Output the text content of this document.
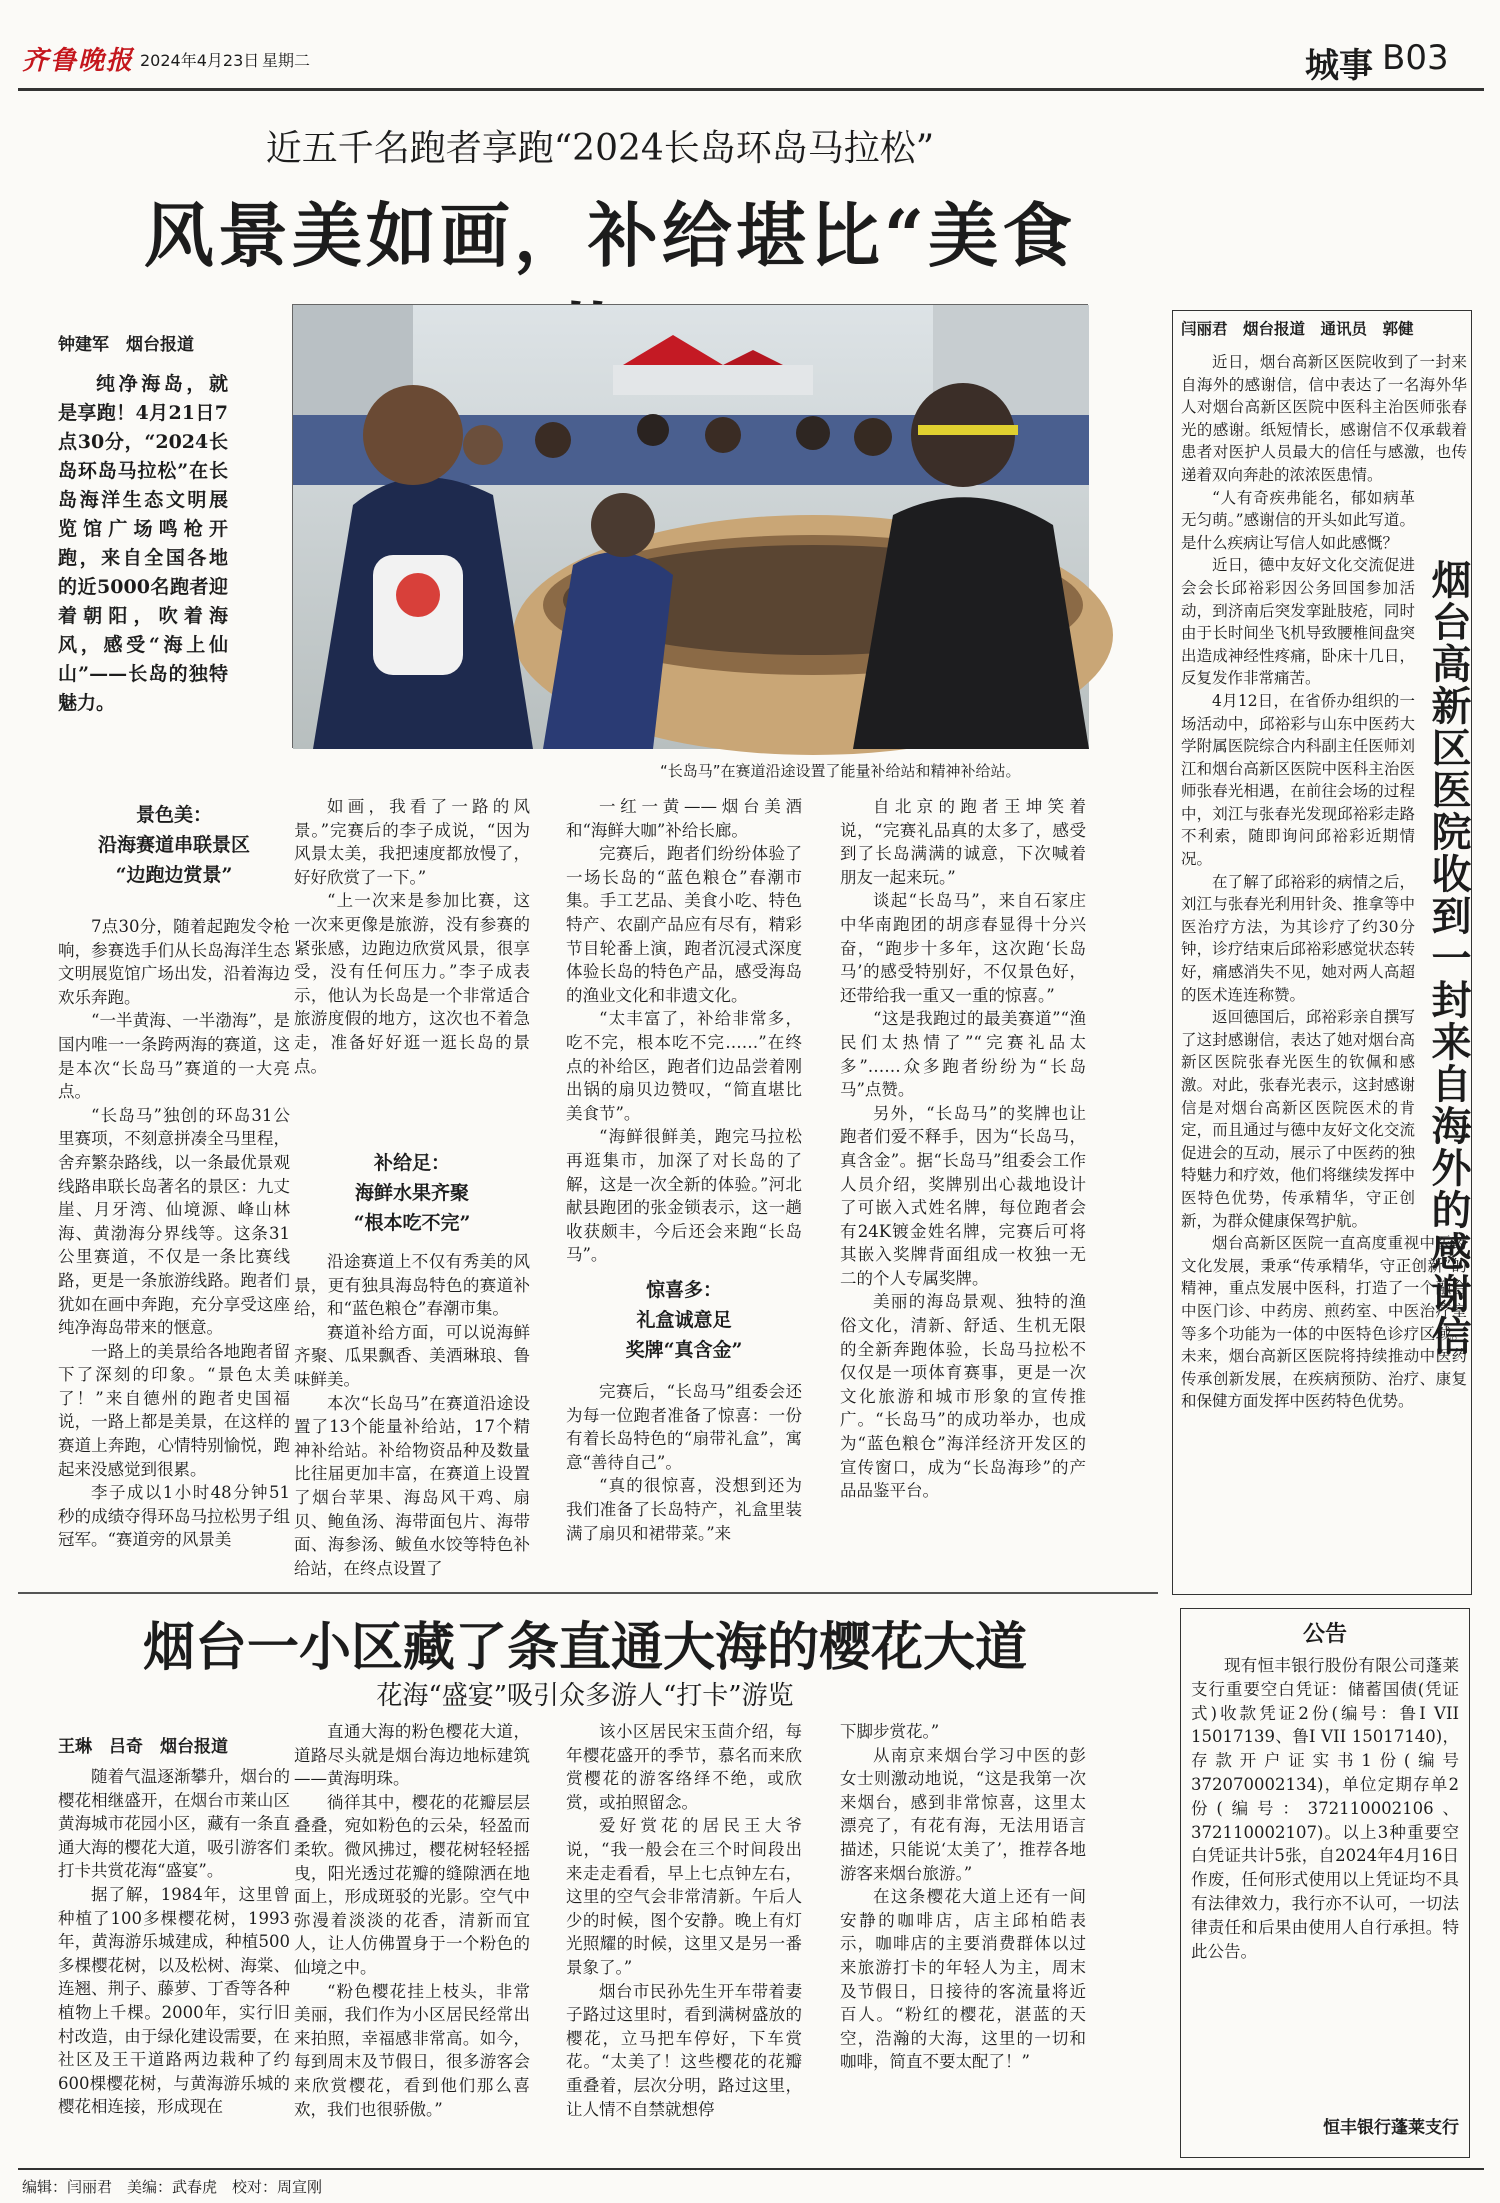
齐鲁晚报 2024年4月23日 星期二	城事 B03
近五千名跑者享跑“2024长岛环岛马拉松”
风景美如画，补给堪比“美食
钟建军　烟台报道
纯净海岛，就是享跑！4月21日7点30分，“2024长岛环岛马拉松”在长岛海洋生态文明展览馆广场鸣枪开跑，来自全国各地的近5000名跑者迎着朝阳，吹着海风，感受“海上仙山”——长岛的独特魅力。
“长岛马”在赛道沿途设置了能量补给站和精神补给站。
景色美：
沿海赛道串联景区
“边跑边赏景”

7点30分，随着起跑发令枪响，参赛选手们从长岛海洋生态文明展览馆广场出发，沿着海边欢乐奔跑。

“一半黄海、一半渤海”，是国内唯一一条跨两海的赛道，这是本次“长岛马”赛道的一大亮点。

“长岛马”独创的环岛31公里赛项，不刻意拼凑全马里程，舍弃繁杂路线，以一条最优景观线路串联长岛著名的景区：九丈崖、月牙湾、仙境源、峰山林海、黄渤海分界线等。这条31公里赛道，不仅是一条比赛线路，更是一条旅游线路。跑者们犹如在画中奔跑，充分享受这座纯净海岛带来的惬意。

一路上的美景给各地跑者留下了深刻的印象。“景色太美了！”来自德州的跑者史国福说，一路上都是美景，在这样的赛道上奔跑，心情特别愉悦，跑起来没感觉到很累。

李子成以1小时48分钟51秒的成绩夺得环岛马拉松男子组冠军。“赛道旁的风景美

如画，我看了一路的风景。”完赛后的李子成说，“因为风景太美，我把速度都放慢了，好好欣赏了一下。”

“上一次来是参加比赛，这一次来更像是旅游，没有参赛的紧张感，边跑边欣赏风景，很享受，没有任何压力。”李子成表示，他认为长岛是一个非常适合旅游度假的地方，这次也不着急走，准备好好逛一逛长岛的景点。

补给足：
海鲜水果齐聚
“根本吃不完”

沿途赛道上不仅有秀美的风景，更有独具海岛特色的赛道补给，和“蓝色粮仓”春潮市集。

赛道补给方面，可以说海鲜齐聚、瓜果飘香、美酒琳琅、鲁味鲜美。

本次“长岛马”在赛道沿途设置了13个能量补给站，17个精神补给站。补给物资品种及数量比往届更加丰富，在赛道上设置了烟台苹果、海岛风干鸡、扇贝、鲍鱼汤、海带面包片、海带面、海参汤、鲅鱼水饺等特色补给站，在终点设置了

一红一黄——烟台美酒和“海鲜大咖”补给长廊。

完赛后，跑者们纷纷体验了一场长岛的“蓝色粮仓”春潮市集。手工艺品、美食小吃、特色特产、农副产品应有尽有，精彩节目轮番上演，跑者沉浸式深度体验长岛的特色产品，感受海岛的渔业文化和非遗文化。

“太丰富了，补给非常多，吃不完，根本吃不完……”在终点的补给区，跑者们边品尝着刚出锅的扇贝边赞叹，“简直堪比美食节”。

“海鲜很鲜美，跑完马拉松再逛集市，加深了对长岛的了解，这是一次全新的体验。”河北献县跑团的张金锁表示，这一趟收获颇丰，今后还会来跑“长岛马”。

惊喜多：
礼盒诚意足
奖牌“真含金”

完赛后，“长岛马”组委会还为每一位跑者准备了惊喜：一份有着长岛特色的“扇带礼盒”，寓意“善待自己”。

“真的很惊喜，没想到还为我们准备了长岛特产，礼盒里装满了扇贝和裙带菜。”来

自北京的跑者王坤笑着说，“完赛礼品真的太多了，感受到了长岛满满的诚意，下次喊着朋友一起来玩。”

谈起“长岛马”，来自石家庄中华南跑团的胡彦春显得十分兴奋，“跑步十多年，这次跑‘长岛马’的感受特别好，不仅景色好，还带给我一重又一重的惊喜。”

“这是我跑过的最美赛道”“渔民们太热情了”“完赛礼品太多”……众多跑者纷纷为“长岛马”点赞。

另外，“长岛马”的奖牌也让跑者们爱不释手，因为“长岛马，真含金”。据“长岛马”组委会工作人员介绍，奖牌别出心裁地设计了可嵌入式姓名牌，每位跑者会有24K镀金姓名牌，完赛后可将其嵌入奖牌背面组成一枚独一无二的个人专属奖牌。

美丽的海岛景观、独特的渔俗文化，清新、舒适、生机无限的全新奔跑体验，长岛马拉松不仅仅是一项体育赛事，更是一次文化旅游和城市形象的宣传推广。“长岛马”的成功举办，也成为“蓝色粮仓”海洋经济开发区的宣传窗口，成为“长岛海珍”的产品品鉴平台。

闫丽君　烟台报道　通讯员　郭健
烟台高新区医院收到一封来自海外的感谢信

近日，烟台高新区医院收到了一封来自海外的感谢信，信中表达了一名海外华人对烟台高新区医院中医科主治医师张春光的感谢。纸短情长，感谢信不仅承载着患者对医护人员最大的信任与感激，也传递着双向奔赴的浓浓医患情。

“人有奇疾弗能名，郁如病革无匀萌。”感谢信的开头如此写道。是什么疾病让写信人如此感慨？

近日，德中友好文化交流促进会会长邱裕彩因公务回国参加活动，到济南后突发挛趾肢疮，同时由于长时间坐飞机导致腰椎间盘突出造成神经性疼痛，卧床十几日，反复发作非常痛苦。

4月12日，在省侨办组织的一场活动中，邱裕彩与山东中医药大学附属医院综合内科副主任医师刘江和烟台高新区医院中医科主治医师张春光相遇，在前往会场的过程中，刘江与张春光发现邱裕彩走路不利索，随即询问邱裕彩近期情况。

在了解了邱裕彩的病情之后，刘江与张春光利用针灸、推拿等中医治疗方法，为其诊疗了约30分钟，诊疗结束后邱裕彩感觉状态转好，痛感消失不见，她对两人高超的医术连连称赞。

返回德国后，邱裕彩亲自撰写了这封感谢信，表达了她对烟台高新区医院张春光医生的钦佩和感激。对此，张春光表示，这封感谢信是对烟台高新区医院医术的肯定，而且通过与德中友好文化交流促进会的互动，展示了中医药的独特魅力和疗效，他们将继续发挥中医特色优势，传承精华，守正创新，为群众健康保驾护航。

烟台高新区医院一直高度重视中医药文化发展，秉承“传承精华，守正创新”的精神，重点发展中医科，打造了一个融合中医门诊、中药房、煎药室、中医治疗室等多个功能为一体的中医特色诊疗区域。未来，烟台高新区医院将持续推动中医药传承创新发展，在疾病预防、治疗、康复和保健方面发挥中医药特色优势。

烟台一小区藏了条直通大海的樱花大道
花海“盛宴”吸引众多游人“打卡”游览
王琳　吕奇　烟台报道

随着气温逐渐攀升，烟台的樱花相继盛开，在烟台市莱山区黄海城市花园小区，藏有一条直通大海的樱花大道，吸引游客们打卡共赏花海“盛宴”。

据了解，1984年，这里曾种植了100多棵樱花树，1993年，黄海游乐城建成，种植500多棵樱花树，以及松树、海棠、连翘、荆子、藤萝、丁香等各种植物上千棵。2000年，实行旧村改造，由于绿化建设需要，在社区及王干道路两边栽种了约600棵樱花树，与黄海游乐城的樱花相连接，形成现在

直通大海的粉色樱花大道，道路尽头就是烟台海边地标建筑——黄海明珠。

徜徉其中，樱花的花瓣层层叠叠，宛如粉色的云朵，轻盈而柔软。微风拂过，樱花树轻轻摇曳，阳光透过花瓣的缝隙洒在地面上，形成斑驳的光影。空气中弥漫着淡淡的花香，清新而宜人，让人仿佛置身于一个粉色的仙境之中。

“粉色樱花挂上枝头，非常美丽，我们作为小区居民经常出来拍照，幸福感非常高。如今，每到周末及节假日，很多游客会来欣赏樱花，看到他们那么喜欢，我们也很骄傲。”

该小区居民宋玉茴介绍，每年樱花盛开的季节，慕名而来欣赏樱花的游客络绎不绝，或欣赏，或拍照留念。

爱好赏花的居民王大爷说，“我一般会在三个时间段出来走走看看，早上七点钟左右，这里的空气会非常清新。午后人少的时候，图个安静。晚上有灯光照耀的时候，这里又是另一番景象了。”

烟台市民孙先生开车带着妻子路过这里时，看到满树盛放的樱花，立马把车停好，下车赏花。“太美了！这些樱花的花瓣重叠着，层次分明，路过这里，让人情不自禁就想停

下脚步赏花。”

从南京来烟台学习中医的彭女士则激动地说，“这是我第一次来烟台，感到非常惊喜，这里太漂亮了，有花有海，无法用语言描述，只能说‘太美了’，推荐各地游客来烟台旅游。”

在这条樱花大道上还有一间安静的咖啡店，店主邱柏皓表示，咖啡店的主要消费群体以过来旅游打卡的年轻人为主，周末及节假日，日接待的客流量将近百人。“粉红的樱花，湛蓝的天空，浩瀚的大海，这里的一切和咖啡，简直不要太配了！”

公告
现有恒丰银行股份有限公司蓬莱支行重要空白凭证：储蓄国债(凭证式)收款凭证2份(编号：鲁I VII 15017139、鲁I VII 15017140)，存款开户证实书1份(编号372070002134)，单位定期存单2份(编号：372110002106、372110002107)。以上3种重要空白凭证共计5张，自2024年4月16日作废，任何形式使用以上凭证均不具有法律效力，我行亦不认可，一切法律责任和后果由使用人自行承担。特此公告。
恒丰银行蓬莱支行
编辑：闫丽君　美编：武春虎　校对：周宣刚
